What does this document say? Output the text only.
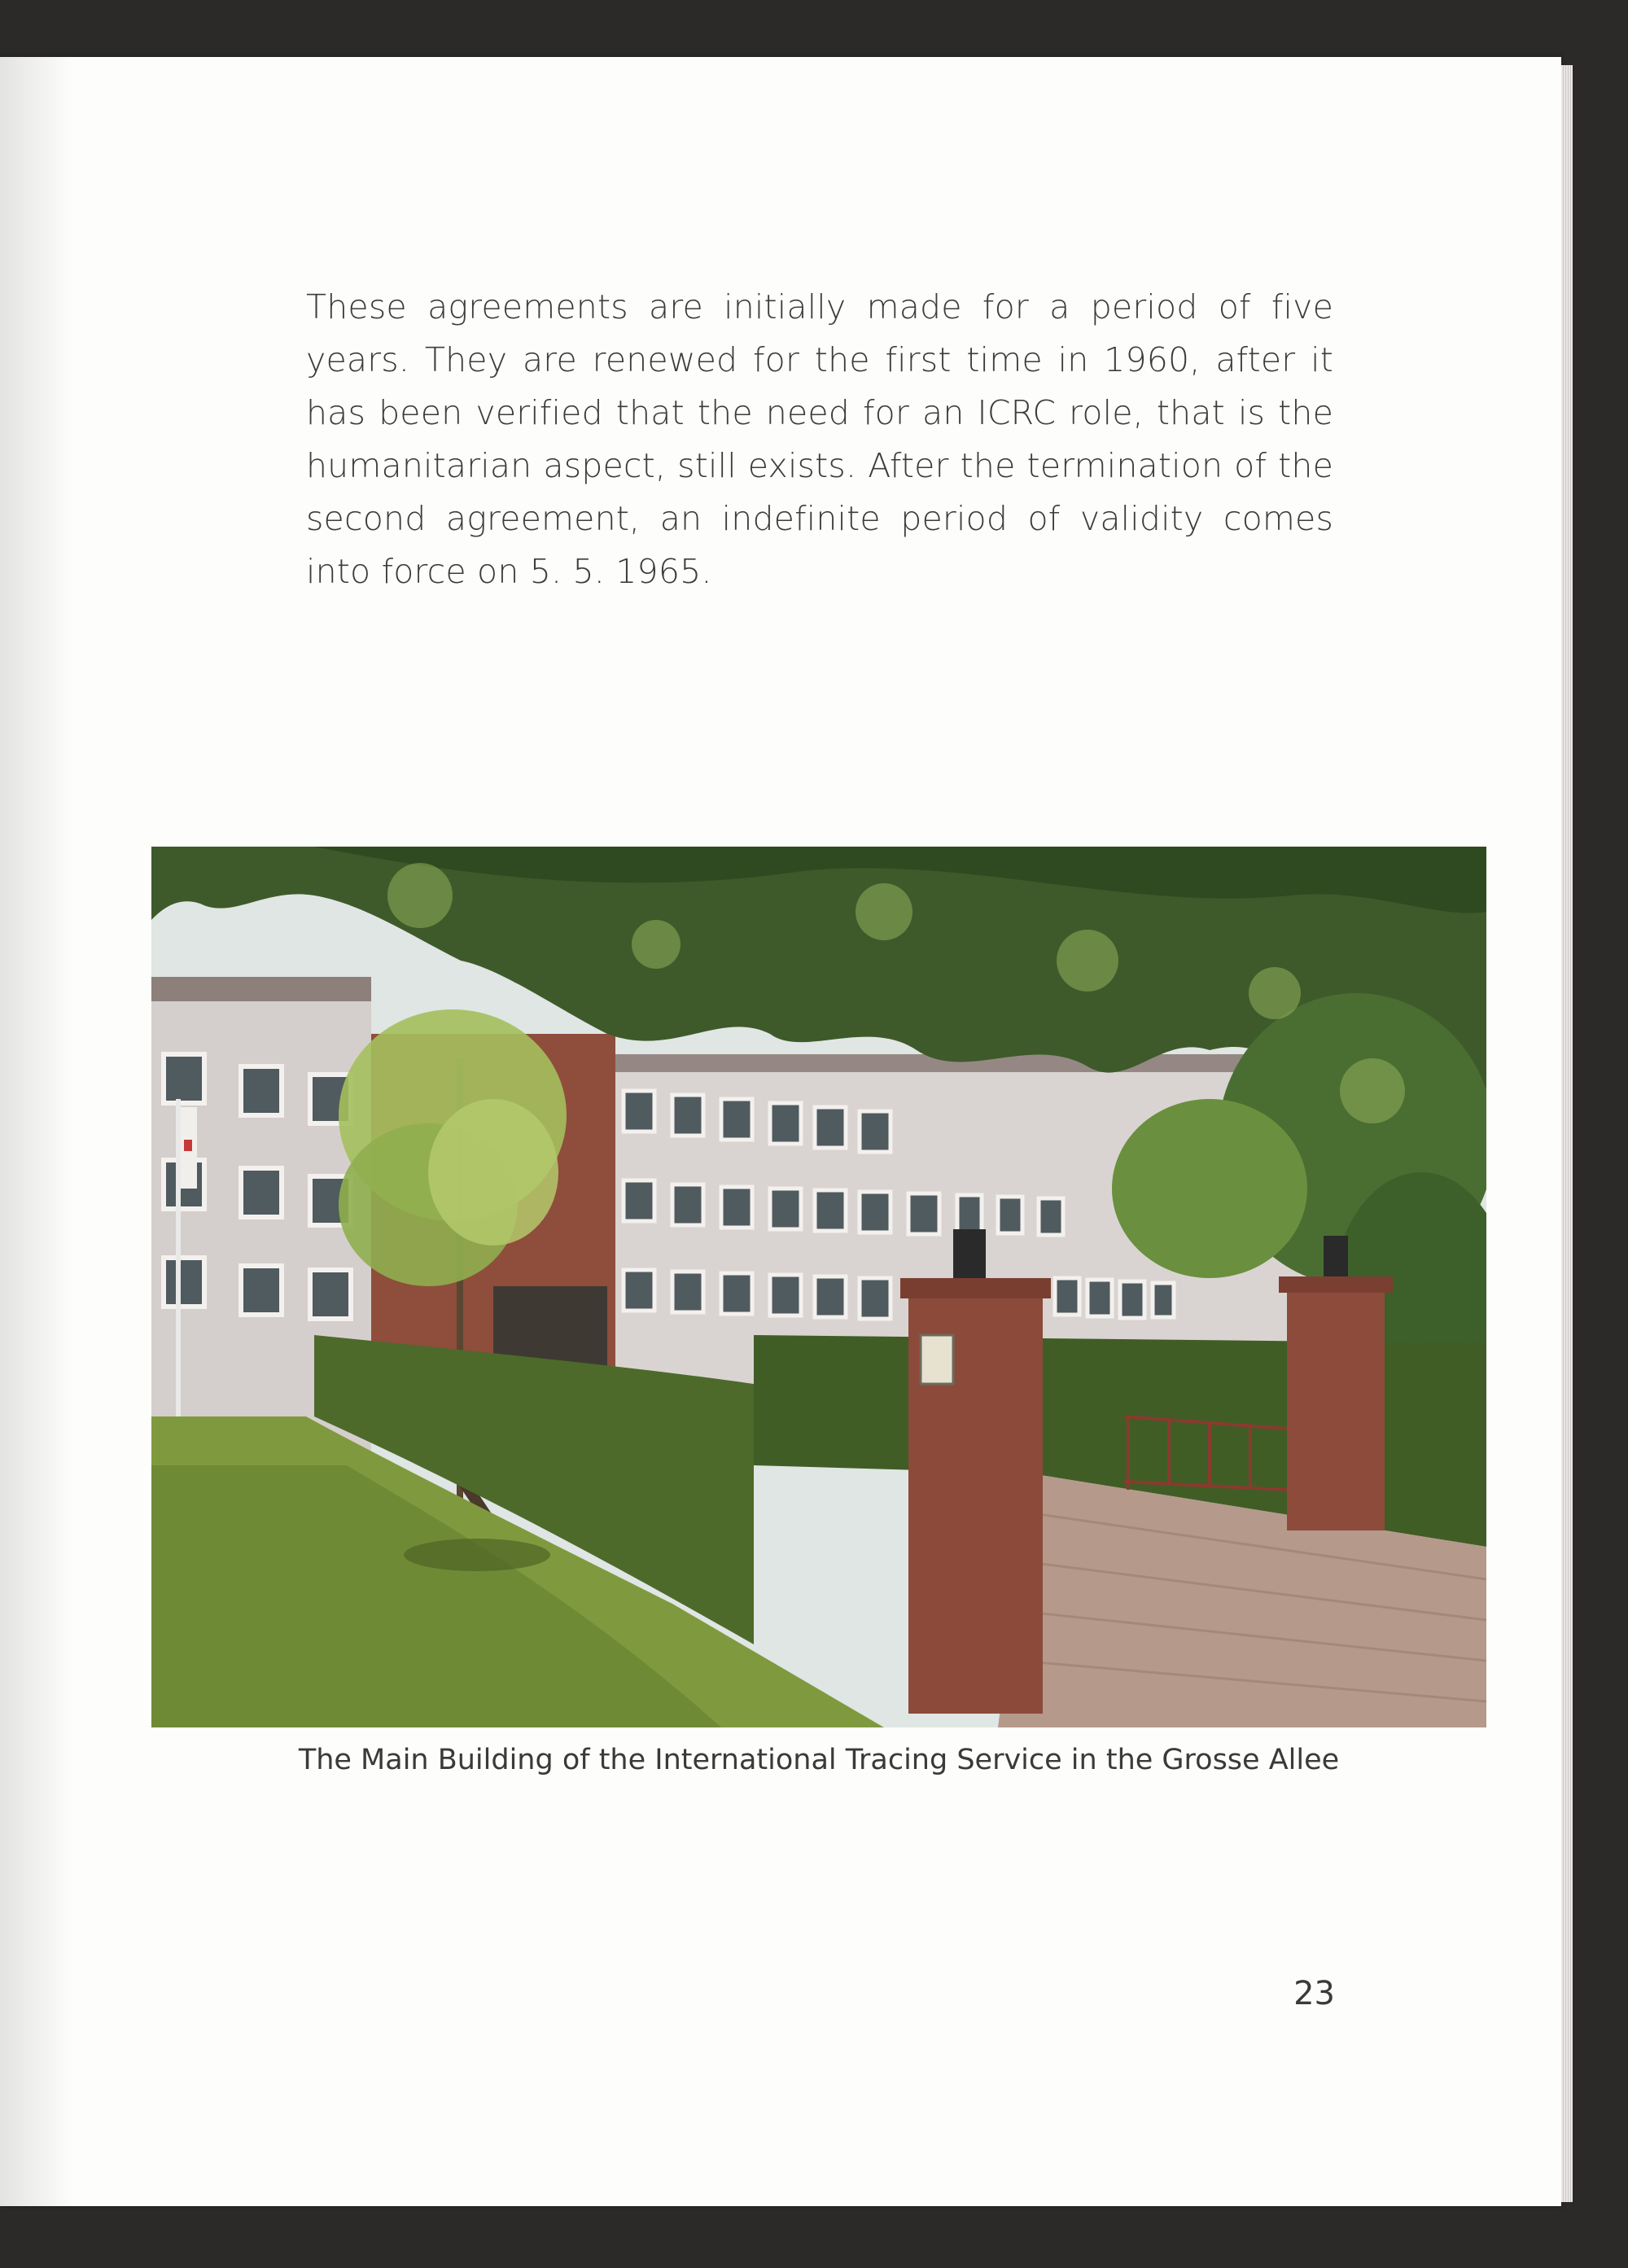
These agreements are initially made for a period of five years. They are renewed for the first time in 1960, after it has been verified that the need for an ICRC role, that is the humanitarian aspect, still exists. After the termination of the second agreement, an indefinite period of validity comes into force on 5. 5. 1965.

The Main Building of the International Tracing Service in the Grosse Allee

23
